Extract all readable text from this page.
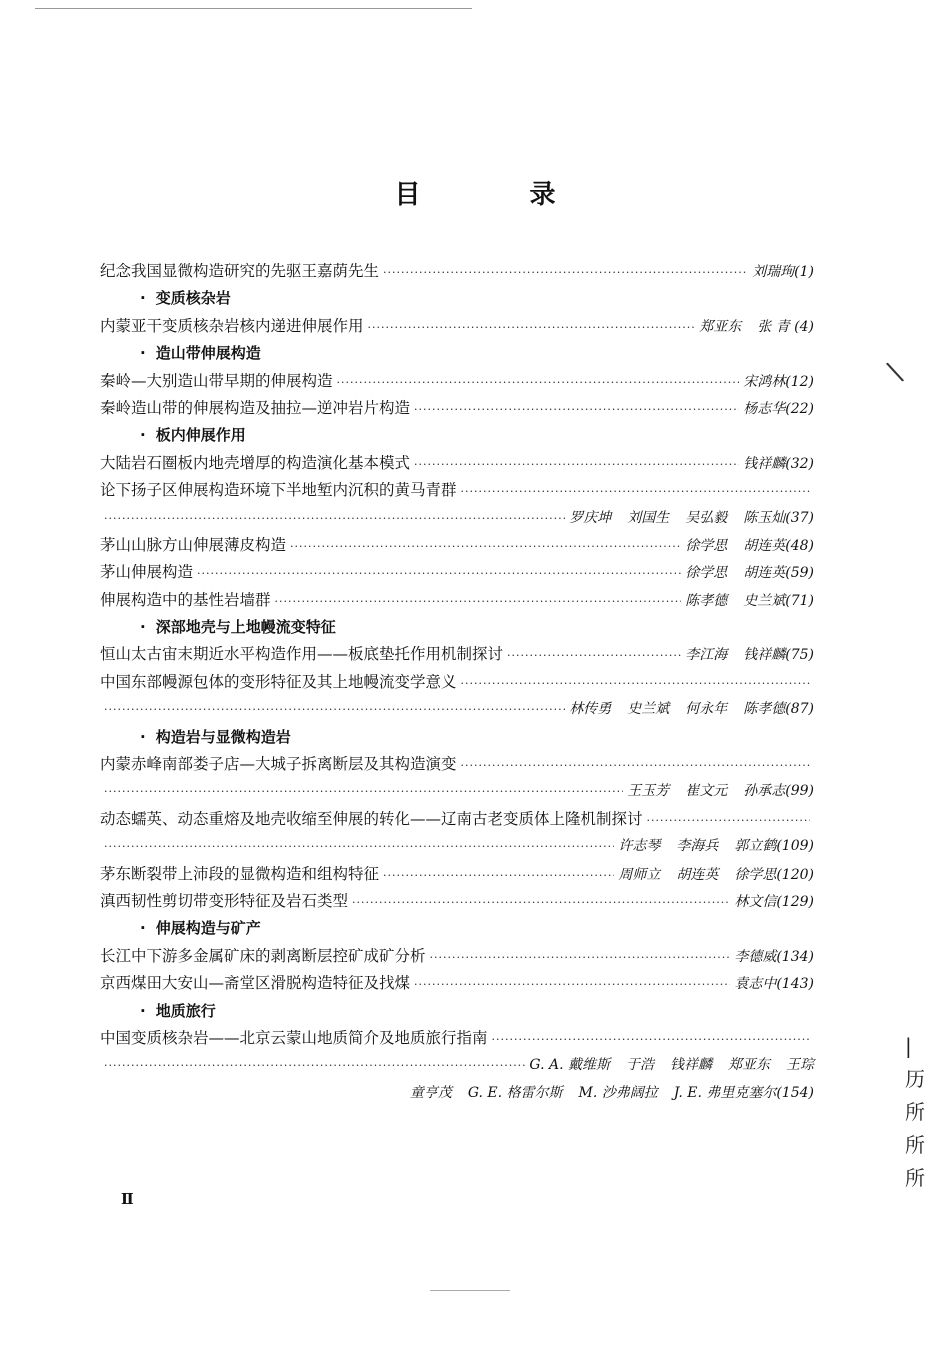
\
目 录
纪念我国显微构造研究的先驱王嘉荫先生 ·····	刘瑞珣(1)
· 变质核杂岩
内蒙亚干变质核杂岩核内递进伸展作用 ·····	郑亚东 张 青 (4)
· 造山带伸展构造
秦岭—大别造山带早期的伸展构造 ·····	宋鸿林(12)
秦岭造山带的伸展构造及抽拉—逆冲岩片构造 ·····	杨志华(22)
· 板内伸展作用
大陆岩石圈板内地壳增厚的构造演化基本模式 ·····	钱祥麟(32)
论下扬子区伸展构造环境下半地堑内沉积的黄马青群
·····
·····
罗庆坤 刘国生 吴弘毅 陈玉灿(37)
茅山山脉方山伸展薄皮构造 ·····	徐学思 胡连英(48)
茅山伸展构造 ·····	徐学思 胡连英(59)
伸展构造中的基性岩墙群 ·····	陈孝德 史兰斌(71)
· 深部地壳与上地幔流变特征
恒山太古宙末期近水平构造作用——板底垫托作用机制探讨 ·····	李江海 钱祥麟(75)
中国东部幔源包体的变形特征及其上地幔流变学意义
·····
·····
林传勇 史兰斌 何永年 陈孝德(87)
· 构造岩与显微构造岩
内蒙赤峰南部娄子店—大城子拆离断层及其构造演变
·····
·····
王玉芳 崔文元 孙承志(99)
动态蠕英、动态重熔及地壳收缩至伸展的转化——辽南古老变质体上隆机制探讨
·····
·····
许志琴 李海兵 郭立鹤(109)
茅东断裂带上沛段的显微构造和组构特征 ·····	周师立 胡连英 徐学思(120)
滇西韧性剪切带变形特征及岩石类型 ·····	林文信(129)
· 伸展构造与矿产
长江中下游多金属矿床的剥离断层控矿成矿分析 ·····	李德威(134)
京西煤田大安山—斋堂区滑脱构造特征及找煤 ·····	袁志中(143)
· 地质旅行
中国变质核杂岩——北京云蒙山地质简介及地质旅行指南
·····
·····
G. A. 戴维斯 于浩 钱祥麟 郑亚东 王琮
童亨茂 G. E. 格雷尔斯 M. 沙弗阔拉 J. E. 弗里克塞尔(154)
Ⅱ
|
历
所
所
所
